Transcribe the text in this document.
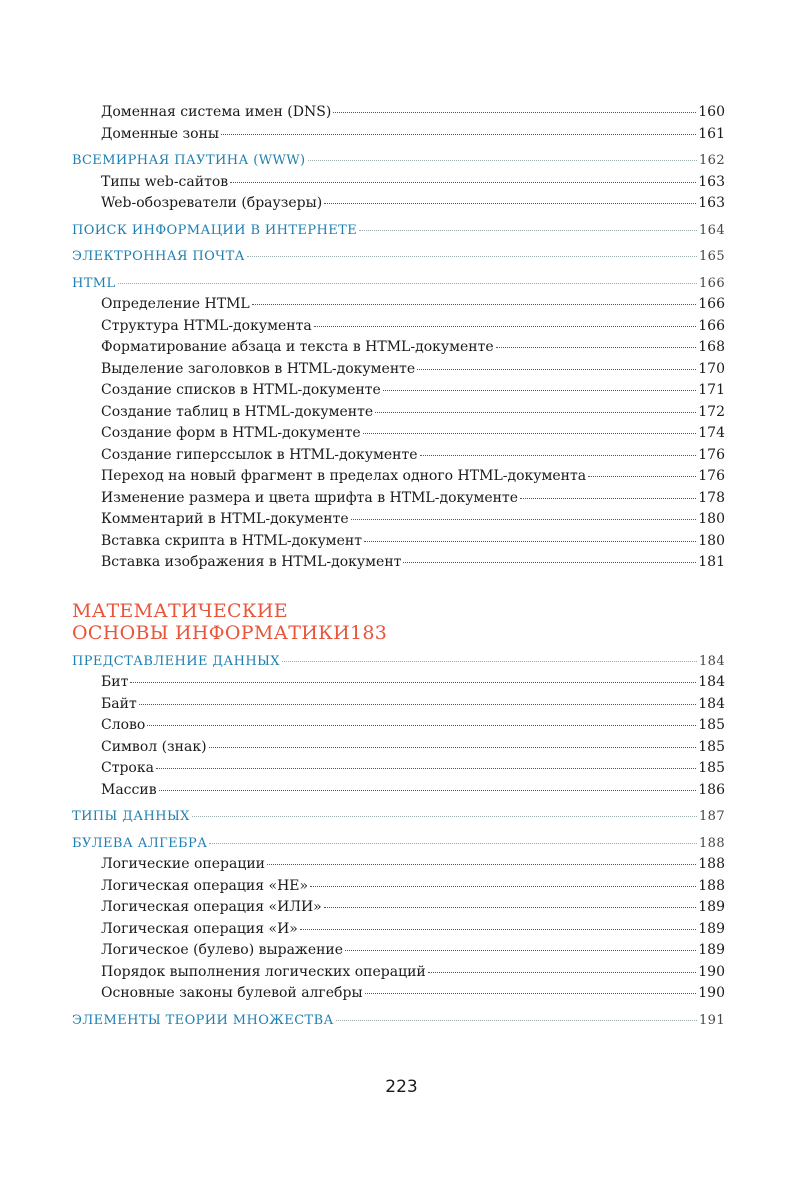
Доменная система имен (DNS)	160
Доменные зоны	161
ВСЕМИРНАЯ ПАУТИНА (WWW)	162
Типы web-сайтов	163
Web-обозреватели (браузеры)	163
ПОИСК ИНФОРМАЦИИ В ИНТЕРНЕТЕ	164
ЭЛЕКТРОННАЯ ПОЧТА	165
HTML	166
Определение HTML	166
Структура HTML-документа	166
Форматирование абзаца и текста в HTML-документе	168
Выделение заголовков в HTML-документе	170
Создание списков в HTML-документе	171
Создание таблиц в HTML-документе	172
Создание форм в HTML-документе	174
Создание гиперссылок в HTML-документе	176
Переход на новый фрагмент в пределах одного HTML-документа	176
Изменение размера и цвета шрифта в HTML-документе	178
Комментарий в HTML-документе	180
Вставка скрипта в HTML-документ	180
Вставка изображения в HTML-документ	181
МАТЕМАТИЧЕСКИЕ
ОСНОВЫ ИНФОРМАТИКИ 183
ПРЕДСТАВЛЕНИЕ ДАННЫХ	184
Бит	184
Байт	184
Слово	185
Символ (знак)	185
Строка	185
Массив	186
ТИПЫ ДАННЫХ	187
БУЛЕВА АЛГЕБРА	188
Логические операции	188
Логическая операция «НЕ»	188
Логическая операция «ИЛИ»	189
Логическая операция «И»	189
Логическое (булево) выражение	189
Порядок выполнения логических операций	190
Основные законы булевой алгебры	190
ЭЛЕМЕНТЫ ТЕОРИИ МНОЖЕСТВА	191
223
